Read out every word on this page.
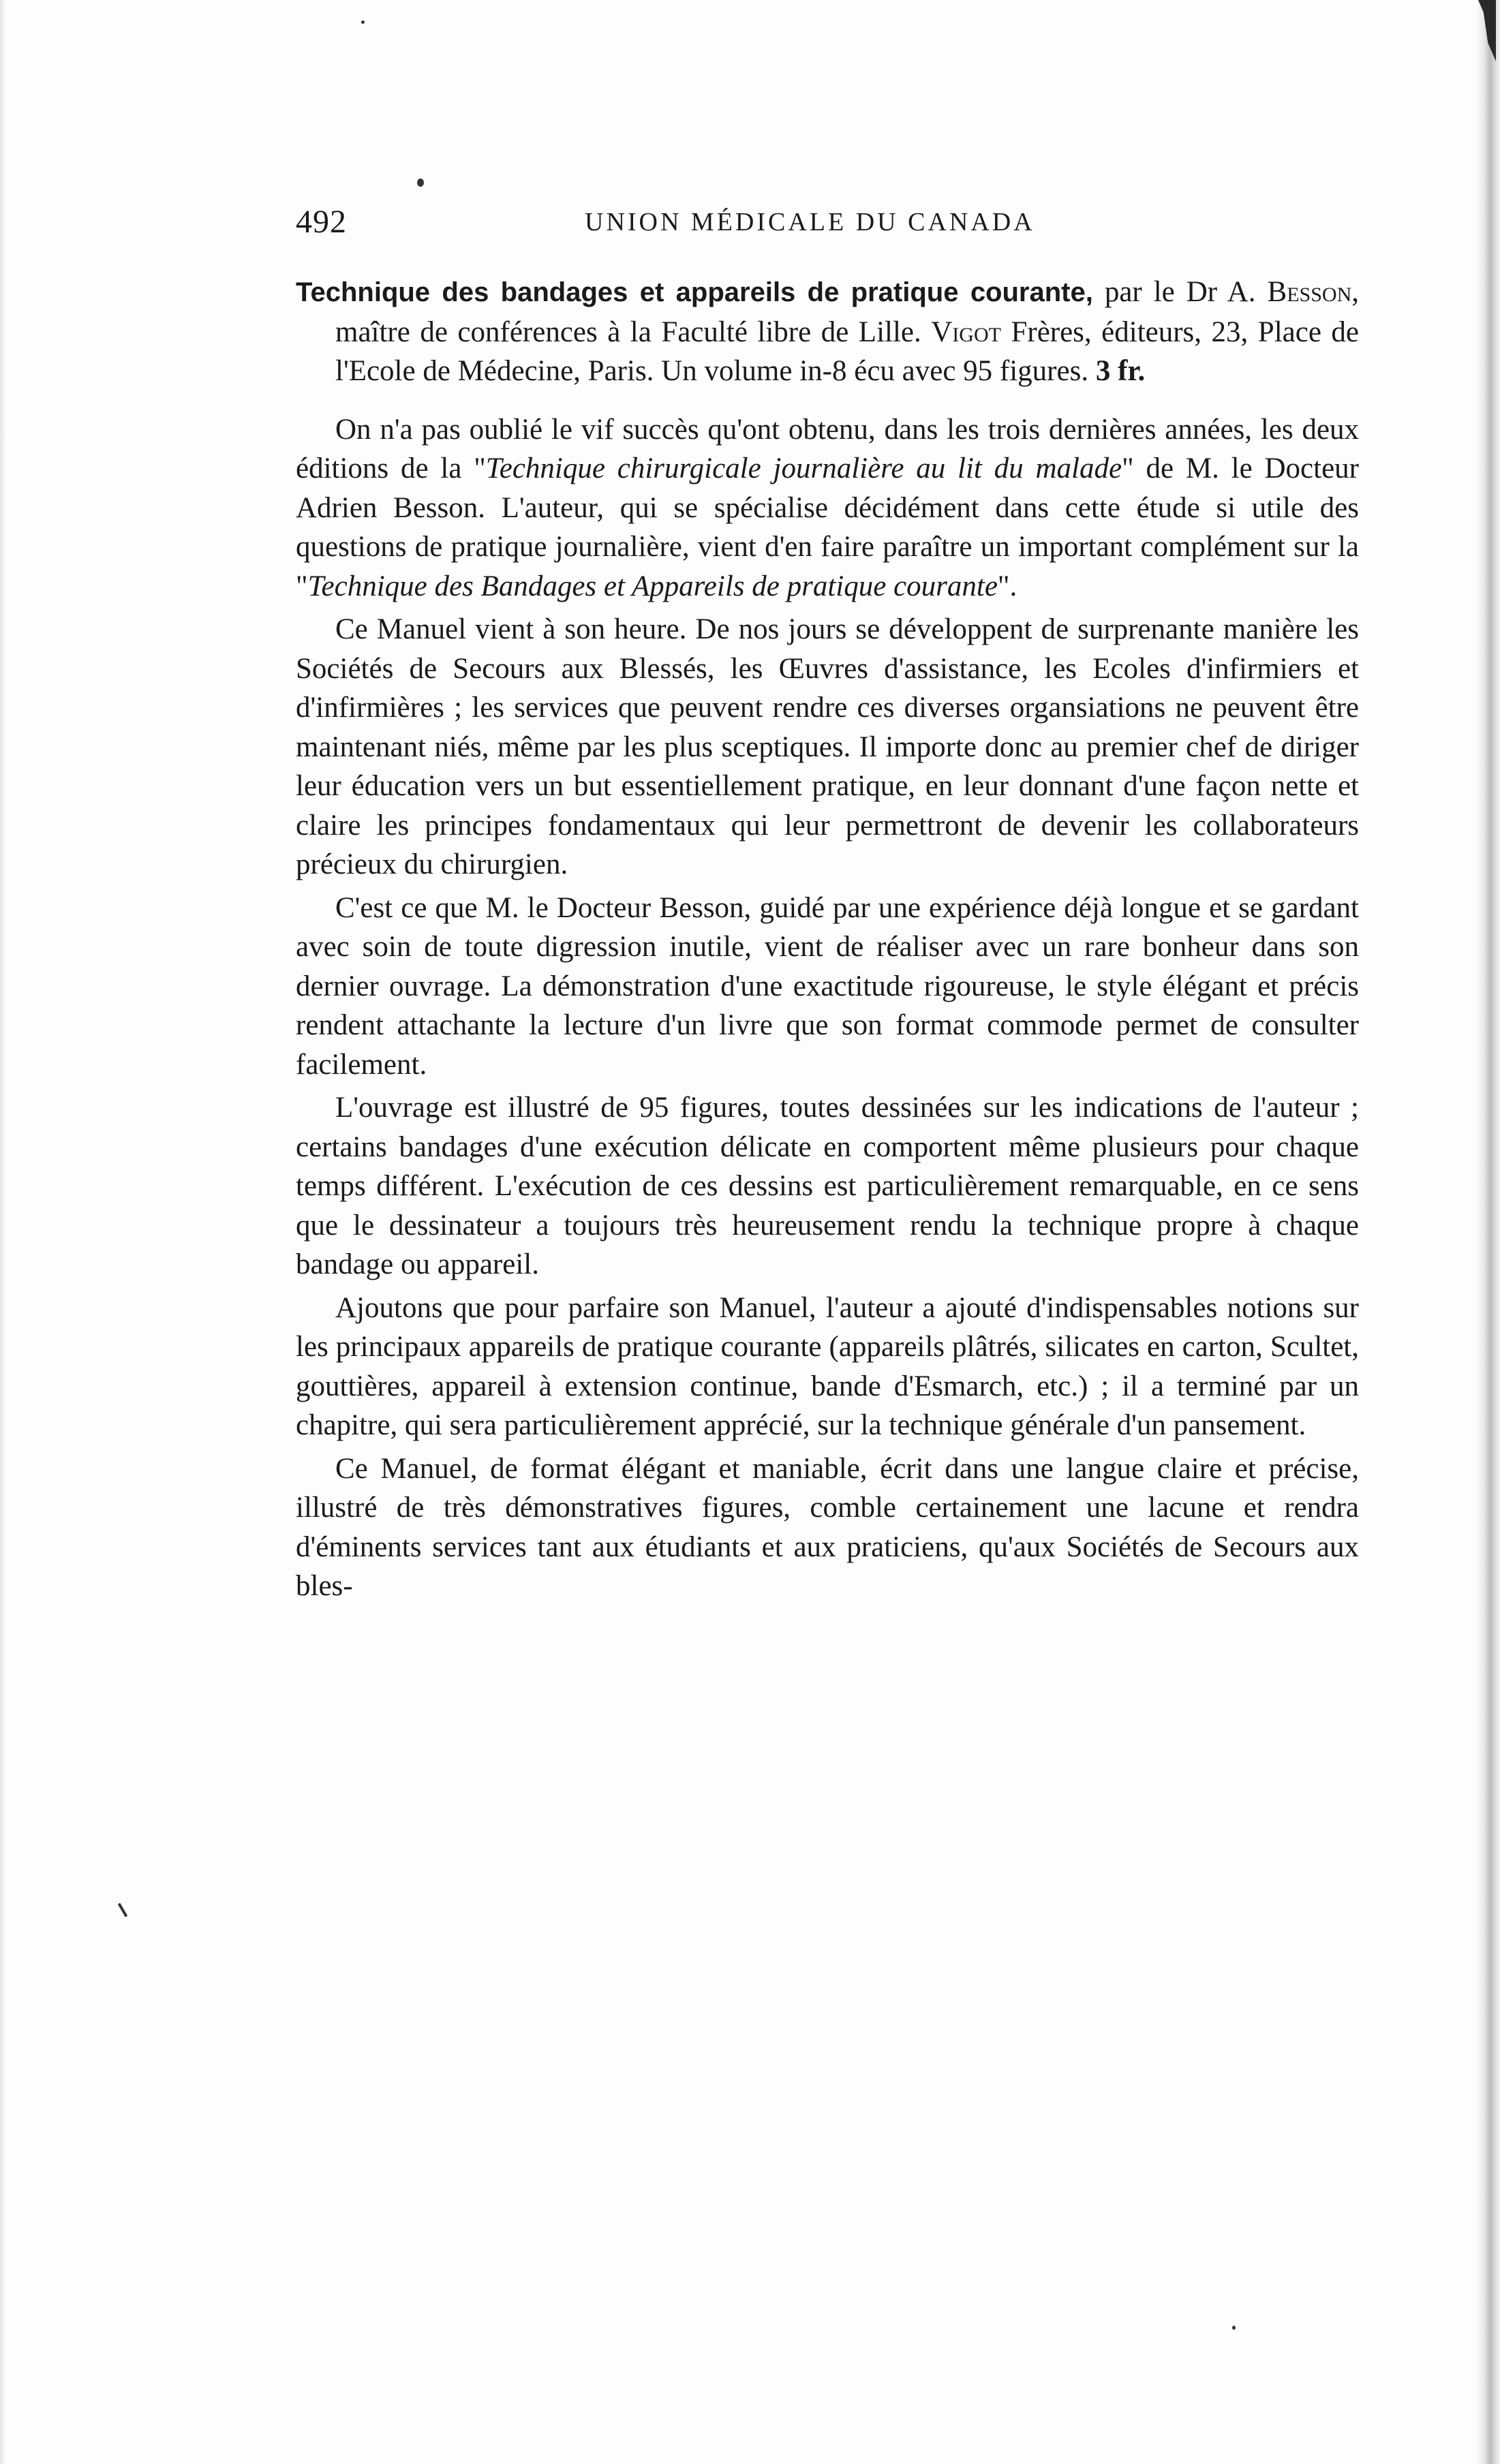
492	UNION MÉDICALE DU CANADA

Technique des bandages et appareils de pratique courante, par le Dr A. Besson, maître de conférences à la Faculté libre de Lille. Vigot Frères, éditeurs, 23, Place de l'Ecole de Médecine, Paris. Un volume in-8 écu avec 95 figures. 3 fr.

On n'a pas oublié le vif succès qu'ont obtenu, dans les trois dernières années, les deux éditions de la "Technique chirurgicale journalière au lit du malade" de M. le Docteur Adrien Besson. L'auteur, qui se spécialise décidément dans cette étude si utile des questions de pratique journalière, vient d'en faire paraître un important complément sur la "Technique des Bandages et Appareils de pratique courante".

Ce Manuel vient à son heure. De nos jours se développent de surprenante manière les Sociétés de Secours aux Blessés, les Œuvres d'assistance, les Ecoles d'infirmiers et d'infirmières ; les services que peuvent rendre ces diverses organsiations ne peuvent être maintenant niés, même par les plus sceptiques. Il importe donc au premier chef de diriger leur éducation vers un but essentiellement pratique, en leur donnant d'une façon nette et claire les principes fondamentaux qui leur permettront de devenir les collaborateurs précieux du chirurgien.

C'est ce que M. le Docteur Besson, guidé par une expérience déjà longue et se gardant avec soin de toute digression inutile, vient de réaliser avec un rare bonheur dans son dernier ouvrage. La démonstration d'une exactitude rigoureuse, le style élégant et précis rendent attachante la lecture d'un livre que son format commode permet de consulter facilement.

L'ouvrage est illustré de 95 figures, toutes dessinées sur les indications de l'auteur ; certains bandages d'une exécution délicate en comportent même plusieurs pour chaque temps différent. L'exécution de ces dessins est particulièrement remarquable, en ce sens que le dessinateur a toujours très heureusement rendu la technique propre à chaque bandage ou appareil.

Ajoutons que pour parfaire son Manuel, l'auteur a ajouté d'indispensables notions sur les principaux appareils de pratique courante (appareils plâtrés, silicates en carton, Scultet, gouttières, appareil à extension continue, bande d'Esmarch, etc.) ; il a terminé par un chapitre, qui sera particulièrement apprécié, sur la technique générale d'un pansement.

Ce Manuel, de format élégant et maniable, écrit dans une langue claire et précise, illustré de très démonstratives figures, comble certainement une lacune et rendra d'éminents services tant aux étudiants et aux praticiens, qu'aux Sociétés de Secours aux bles-
